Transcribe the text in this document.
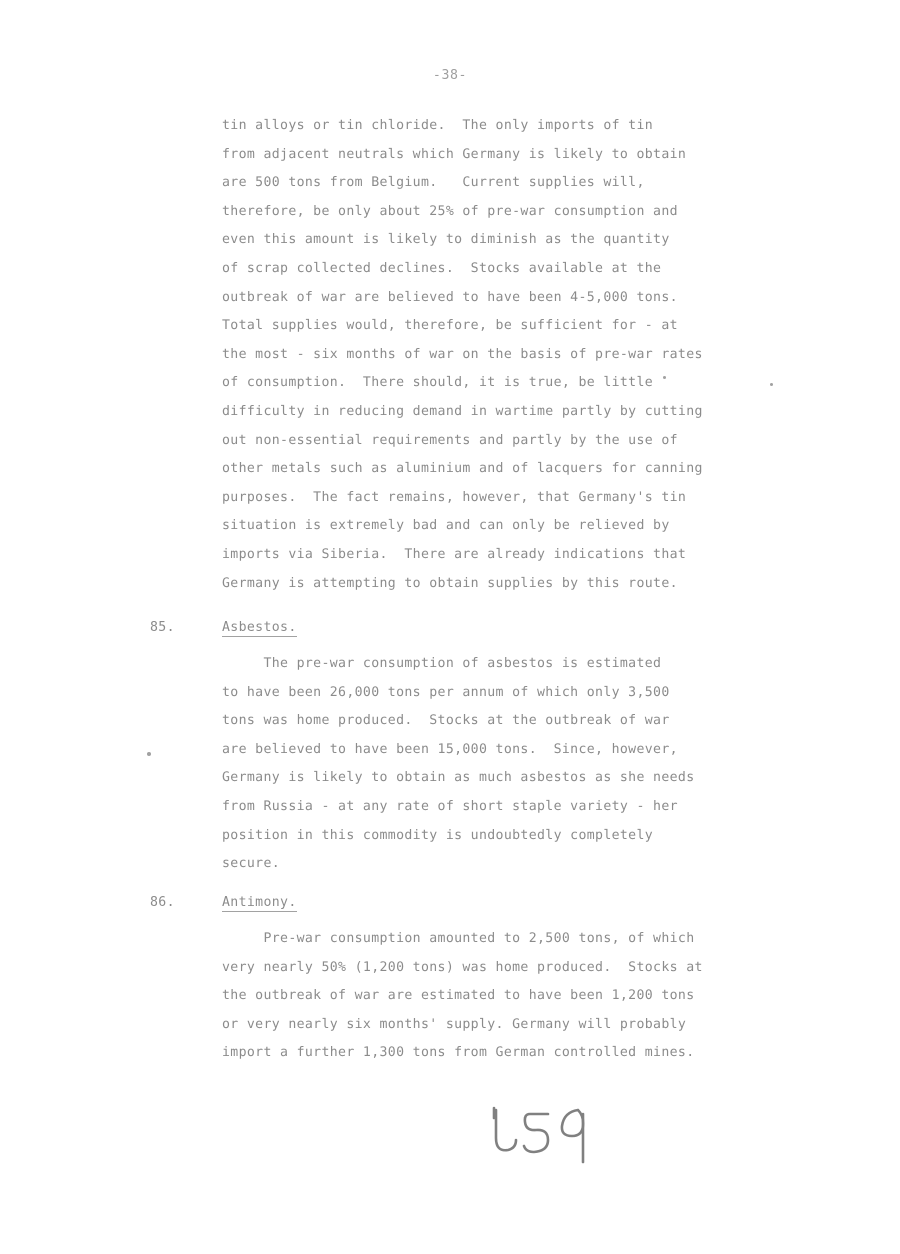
-38-
tin alloys or tin chloride.  The only imports of tin
from adjacent neutrals which Germany is likely to obtain
are 500 tons from Belgium.   Current supplies will,
therefore, be only about 25% of pre-war consumption and
even this amount is likely to diminish as the quantity
of scrap collected declines.  Stocks available at the
outbreak of war are believed to have been 4-5,000 tons.
Total supplies would, therefore, be sufficient for - at
the most - six months of war on the basis of pre-war rates
of consumption.  There should, it is true, be little
difficulty in reducing demand in wartime partly by cutting
out non-essential requirements and partly by the use of
other metals such as aluminium and of lacquers for canning
purposes.  The fact remains, however, that Germany's tin
situation is extremely bad and can only be relieved by
imports via Siberia.  There are already indications that
Germany is attempting to obtain supplies by this route.
85.	Asbestos.
The pre-war consumption of asbestos is estimated
to have been 26,000 tons per annum of which only 3,500
tons was home produced.  Stocks at the outbreak of war
are believed to have been 15,000 tons.  Since, however,
Germany is likely to obtain as much asbestos as she needs
from Russia - at any rate of short staple variety - her
position in this commodity is undoubtedly completely
secure.
86.	Antimony.
Pre-war consumption amounted to 2,500 tons, of which
very nearly 50% (1,200 tons) was home produced.  Stocks at
the outbreak of war are estimated to have been 1,200 tons
or very nearly six months' supply. Germany will probably
import a further 1,300 tons from German controlled mines.
